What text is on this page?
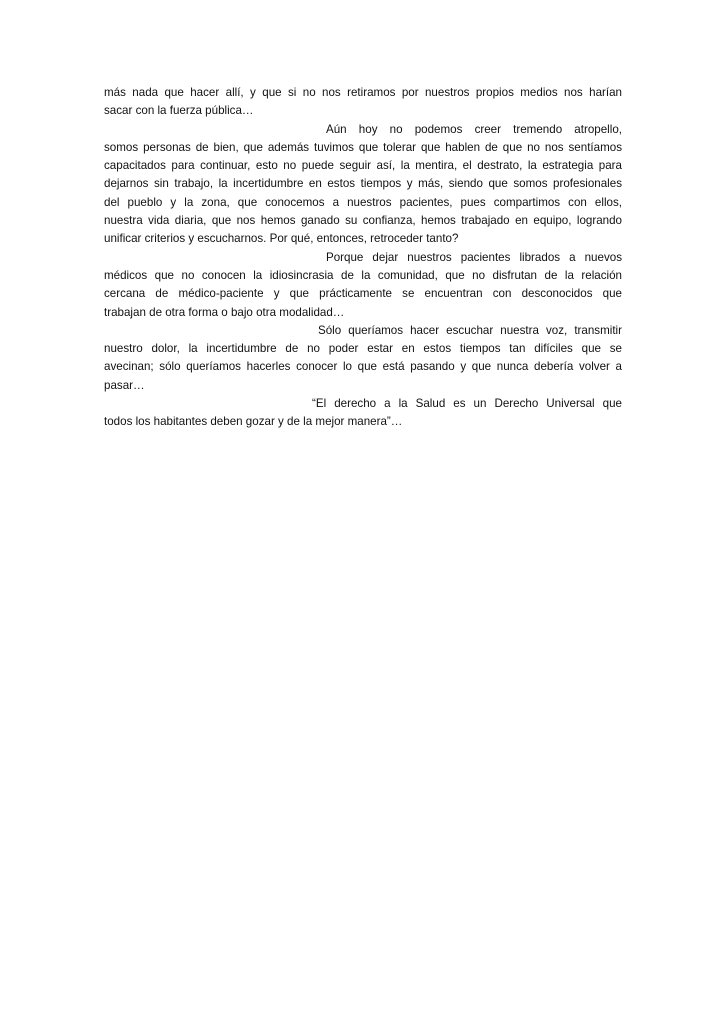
más nada que hacer allí, y que si no nos retiramos por nuestros propios medios nos harían
sacar con la fuerza pública…
Aún hoy no podemos creer tremendo atropello,
somos personas de bien, que además tuvimos que tolerar que hablen de que no nos sentíamos
capacitados para continuar, esto no puede seguir así, la mentira, el destrato, la estrategia para
dejarnos sin trabajo, la incertidumbre en estos tiempos y más, siendo que somos profesionales
del pueblo y la zona, que conocemos a nuestros pacientes, pues compartimos con ellos,
nuestra vida diaria, que nos hemos ganado su confianza, hemos trabajado en equipo, logrando
unificar criterios y escucharnos. Por qué, entonces, retroceder tanto?
Porque dejar nuestros pacientes librados a nuevos
médicos que no conocen la idiosincrasia de la comunidad, que no disfrutan de la relación
cercana de médico-paciente y que prácticamente se encuentran con desconocidos que
trabajan de otra forma o bajo otra modalidad…
Sólo queríamos hacer escuchar nuestra voz, transmitir
nuestro dolor, la incertidumbre de no poder estar en estos tiempos tan difíciles que se
avecinan; sólo queríamos hacerles conocer lo que está pasando y que nunca debería volver a
pasar…
“El derecho a la Salud es un Derecho Universal que
todos los habitantes deben gozar y de la mejor manera”…
